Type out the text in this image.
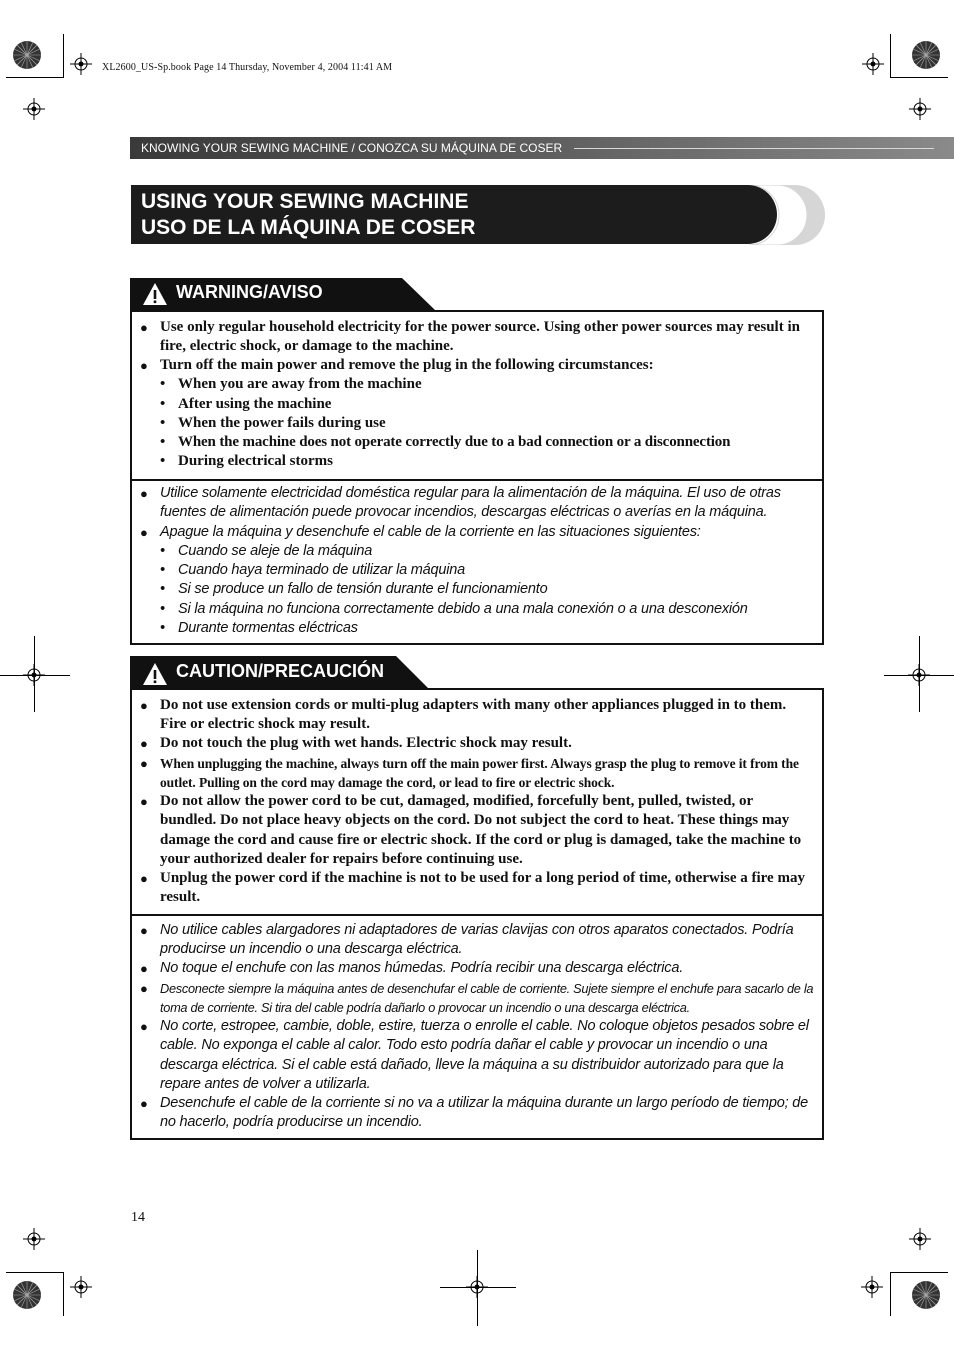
XL2600_US-Sp.book Page 14 Thursday, November 4, 2004 11:41 AM
KNOWING YOUR SEWING MACHINE / CONOZCA SU MÁQUINA DE COSER
USING YOUR SEWING MACHINE
USO DE LA MÁQUINA DE COSER
WARNING/AVISO
● Use only regular household electricity for the power source. Using other power sources may result in fire, electric shock, or damage to the machine.
● Turn off the main power and remove the plug in the following circumstances:
• When you are away from the machine
• After using the machine
• When the power fails during use
• When the machine does not operate correctly due to a bad connection or a disconnection
• During electrical storms
● Utilice solamente electricidad doméstica regular para la alimentación de la máquina. El uso de otras fuentes de alimentación puede provocar incendios, descargas eléctricas o averías en la máquina.
● Apague la máquina y desenchufe el cable de la corriente en las situaciones siguientes:
• Cuando se aleje de la máquina
• Cuando haya terminado de utilizar la máquina
• Si se produce un fallo de tensión durante el funcionamiento
• Si la máquina no funciona correctamente debido a una mala conexión o a una desconexión
• Durante tormentas eléctricas
CAUTION/PRECAUCIÓN
● Do not use extension cords or multi-plug adapters with many other appliances plugged in to them. Fire or electric shock may result.
● Do not touch the plug with wet hands. Electric shock may result.
● When unplugging the machine, always turn off the main power first. Always grasp the plug to remove it from the outlet. Pulling on the cord may damage the cord, or lead to fire or electric shock.
● Do not allow the power cord to be cut, damaged, modified, forcefully bent, pulled, twisted, or bundled. Do not place heavy objects on the cord. Do not subject the cord to heat. These things may damage the cord and cause fire or electric shock. If the cord or plug is damaged, take the machine to your authorized dealer for repairs before continuing use.
● Unplug the power cord if the machine is not to be used for a long period of time, otherwise a fire may result.
● No utilice cables alargadores ni adaptadores de varias clavijas con otros aparatos conectados. Podría producirse un incendio o una descarga eléctrica.
● No toque el enchufe con las manos húmedas. Podría recibir una descarga eléctrica.
● Desconecte siempre la máquina antes de desenchufar el cable de corriente. Sujete siempre el enchufe para sacarlo de la toma de corriente. Si tira del cable podría dañarlo o provocar un incendio o una descarga eléctrica.
● No corte, estropee, cambie, doble, estire, tuerza o enrolle el cable. No coloque objetos pesados sobre el cable. No exponga el cable al calor. Todo esto podría dañar el cable y provocar un incendio o una descarga eléctrica. Si el cable está dañado, lleve la máquina a su distribuidor autorizado para que la repare antes de volver a utilizarla.
● Desenchufe el cable de la corriente si no va a utilizar la máquina durante un largo período de tiempo; de no hacerlo, podría producirse un incendio.
14
